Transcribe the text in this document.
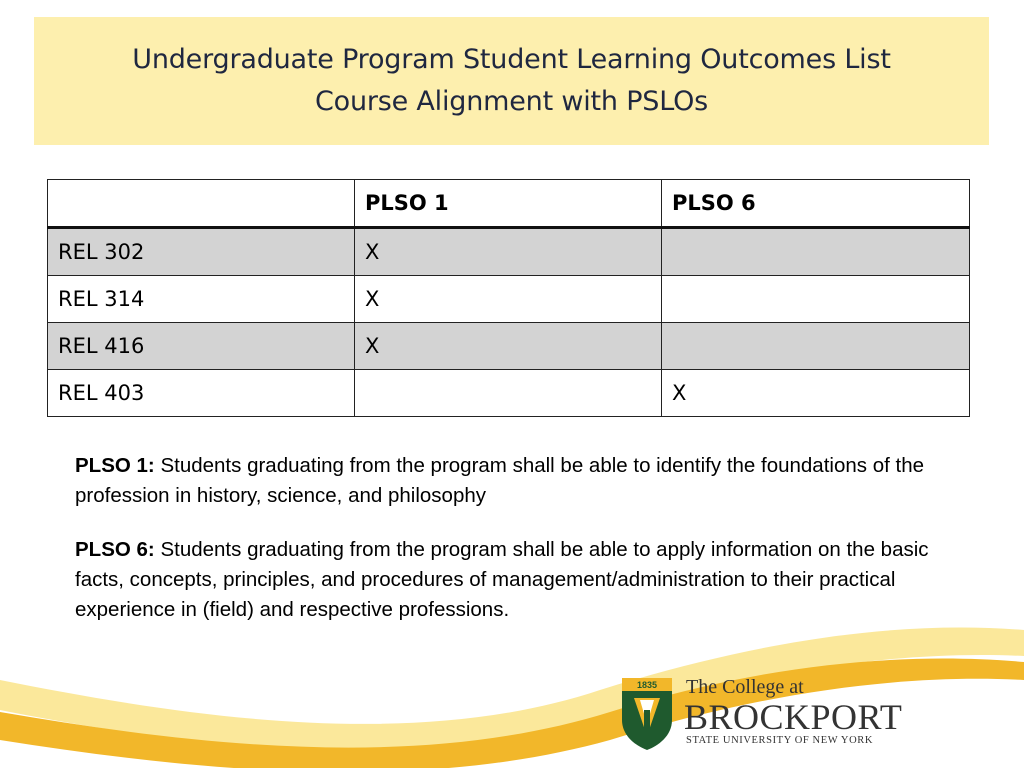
Undergraduate Program Student Learning Outcomes List
Course Alignment with PSLOs
	PLSO 1	PLSO 6
REL 302	X	
REL 314	X	
REL 416	X	
REL 403		X

PLSO 1: Students graduating from the program shall be able to identify the foundations of the profession in history, science, and philosophy

PLSO 6: Students graduating from the program shall be able to apply information on the basic facts, concepts, principles, and procedures of management/administration to their practical experience in (field) and respective professions.

1835 The College at
BROCKPORT
STATE UNIVERSITY OF NEW YORK
